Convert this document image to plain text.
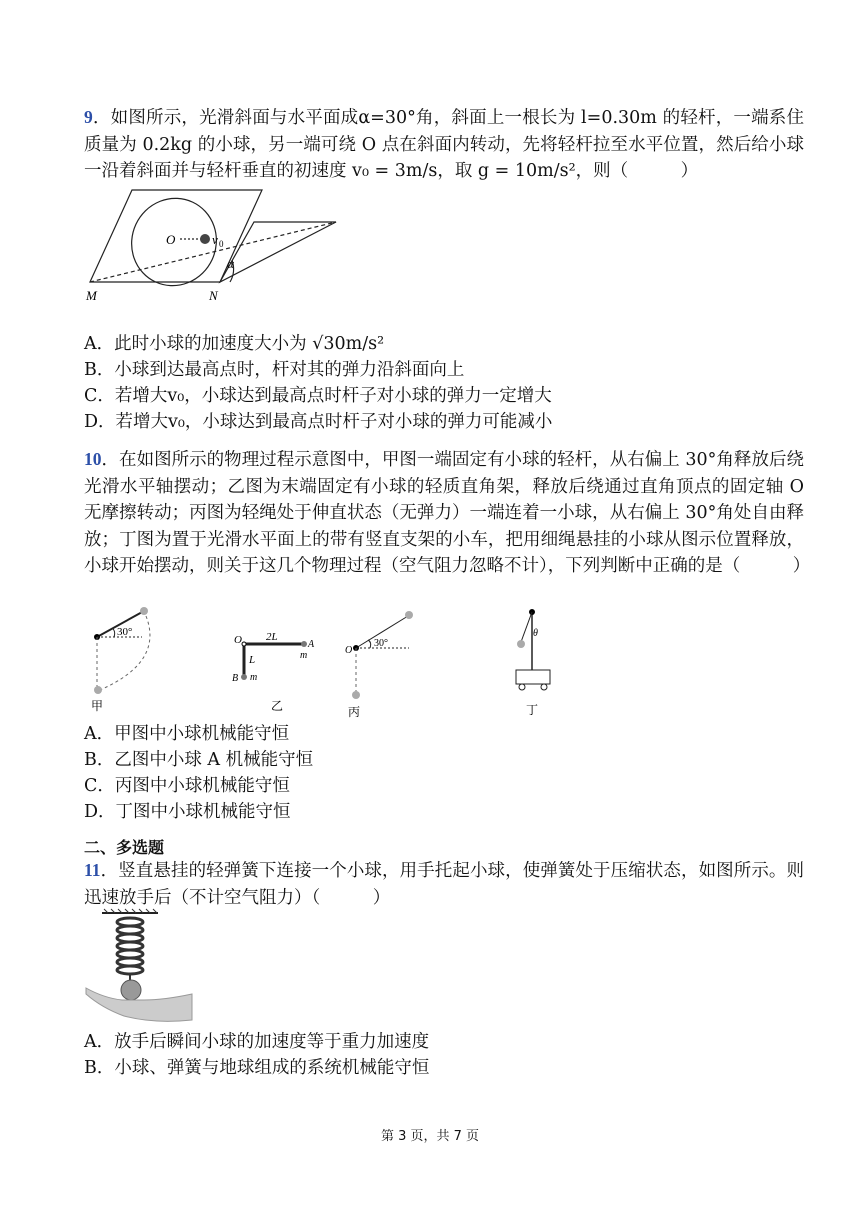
9．如图所示，光滑斜面与水平面成α=30°角，斜面上一根长为 l=0.30m 的轻杆，一端系住质量为 0.2kg 的小球，另一端可绕 O 点在斜面内转动，先将轻杆拉至水平位置，然后给小球一沿着斜面并与轻杆垂直的初速度 v₀ = 3m/s，取 g = 10m/s²，则（　　　）
O	v 0
α
M	N
A．此时小球的加速度大小为 √30m/s²
B．小球到达最高点时，杆对其的弹力沿斜面向上
C．若增大v₀，小球达到最高点时杆子对小球的弹力一定增大
D．若增大v₀，小球达到最高点时杆子对小球的弹力可能减小
10．在如图所示的物理过程示意图中，甲图一端固定有小球的轻杆，从右偏上 30°角释放后绕光滑水平轴摆动；乙图为末端固定有小球的轻质直角架，释放后绕通过直角顶点的固定轴 O 无摩擦转动；丙图为轻绳处于伸直状态（无弹力）一端连着一小球，从右偏上 30°角处自由释放；丁图为置于光滑水平面上的带有竖直支架的小车，把用细绳悬挂的小球从图示位置释放，小球开始摆动，则关于这几个物理过程（空气阻力忽略不计），下列判断中正确的是（　　　）
30°
甲
O 2L
A
m
L
B m
乙
O
30°
丙
θ
丁
A．甲图中小球机械能守恒
B．乙图中小球 A 机械能守恒
C．丙图中小球机械能守恒
D．丁图中小球机械能守恒
二、多选题
11．竖直悬挂的轻弹簧下连接一个小球，用手托起小球，使弹簧处于压缩状态，如图所示。则迅速放手后（不计空气阻力）（　　　）
A．放手后瞬间小球的加速度等于重力加速度
B．小球、弹簧与地球组成的系统机械能守恒
第 3 页，共 7 页
